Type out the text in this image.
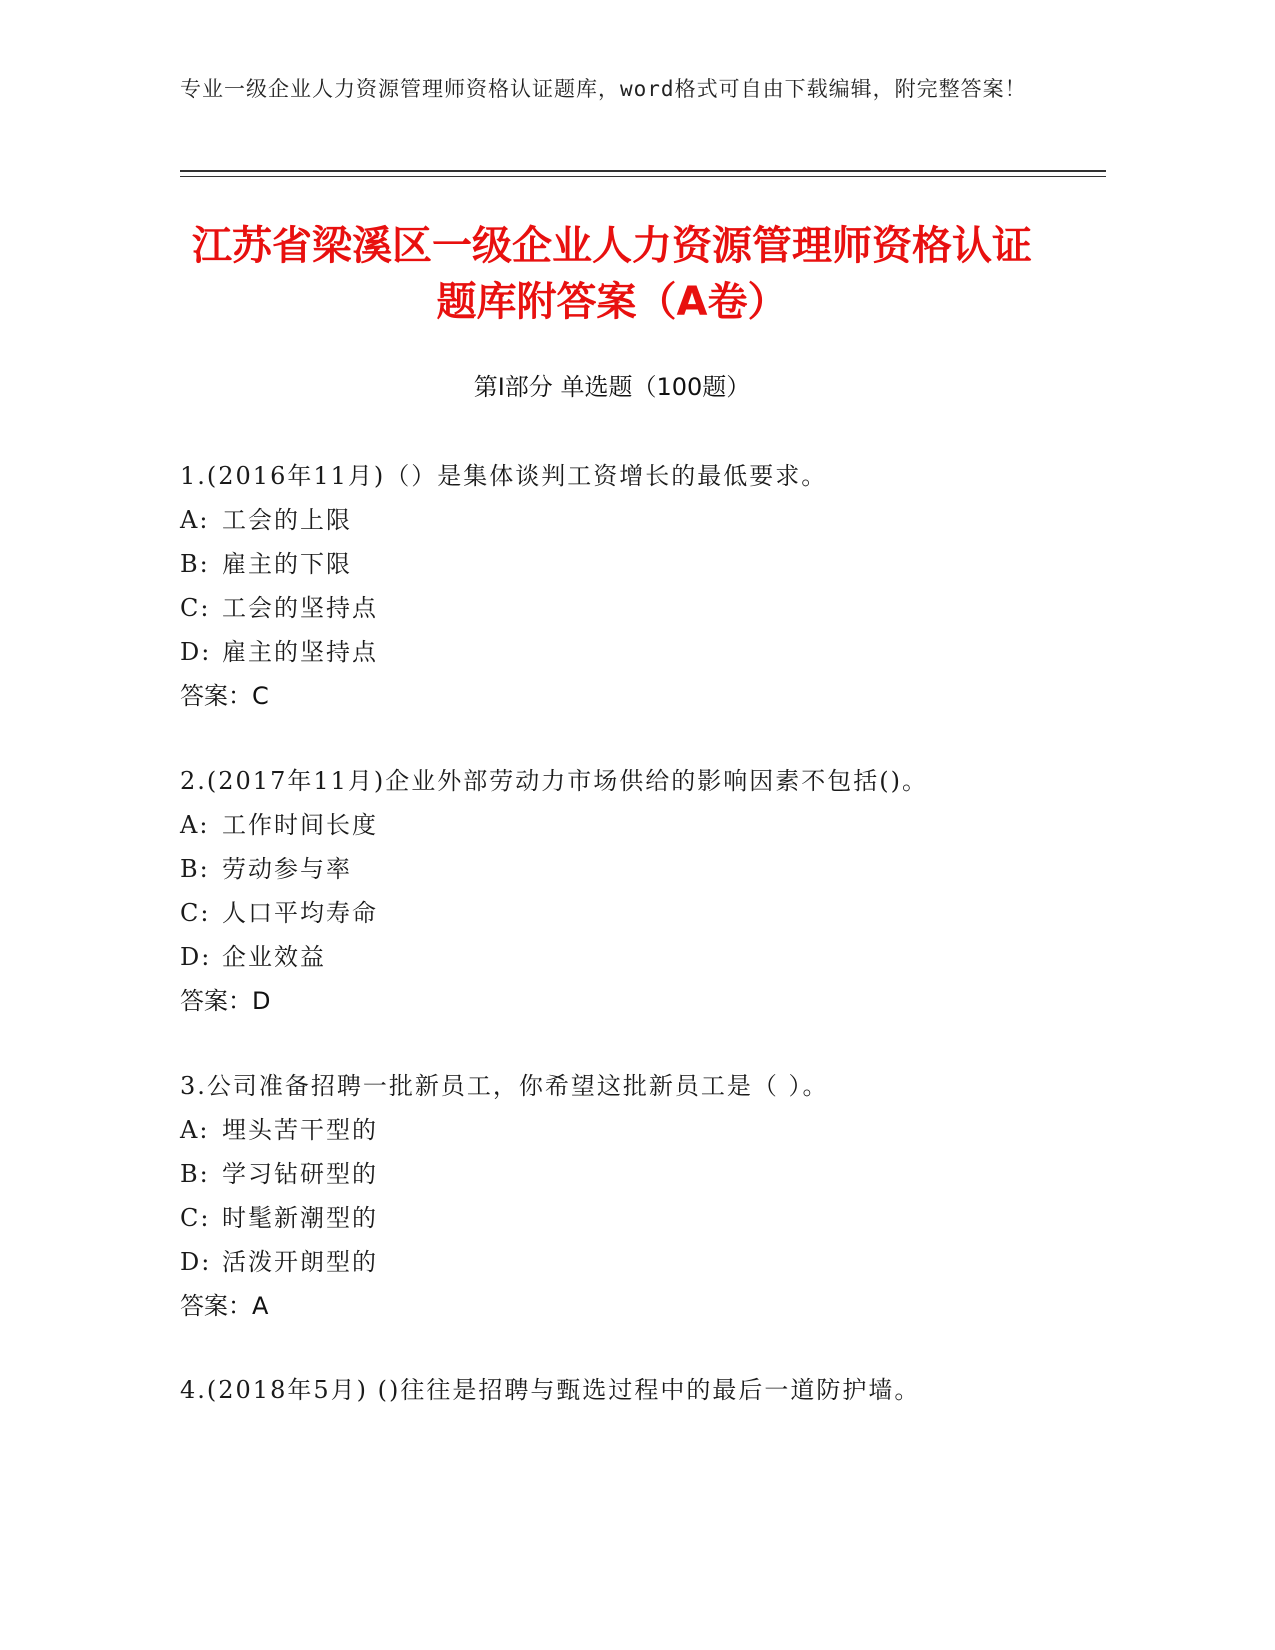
专业一级企业人力资源管理师资格认证题库，word格式可自由下载编辑，附完整答案！
江苏省梁溪区一级企业人力资源管理师资格认证题库附答案（A卷）
第I部分 单选题（100题）
1.(2016年11月)（）是集体谈判工资增长的最低要求。
A: 工会的上限
B: 雇主的下限
C: 工会的坚持点
D: 雇主的坚持点
答案：C
2.(2017年11月)企业外部劳动力市场供给的影响因素不包括()。
A: 工作时间长度
B: 劳动参与率
C: 人口平均寿命
D: 企业效益
答案：D
3.公司准备招聘一批新员工，你希望这批新员工是（ ）。
A: 埋头苦干型的
B: 学习钻研型的
C: 时髦新潮型的
D: 活泼开朗型的
答案：A
4.(2018年5月) ()往往是招聘与甄选过程中的最后一道防护墙。
